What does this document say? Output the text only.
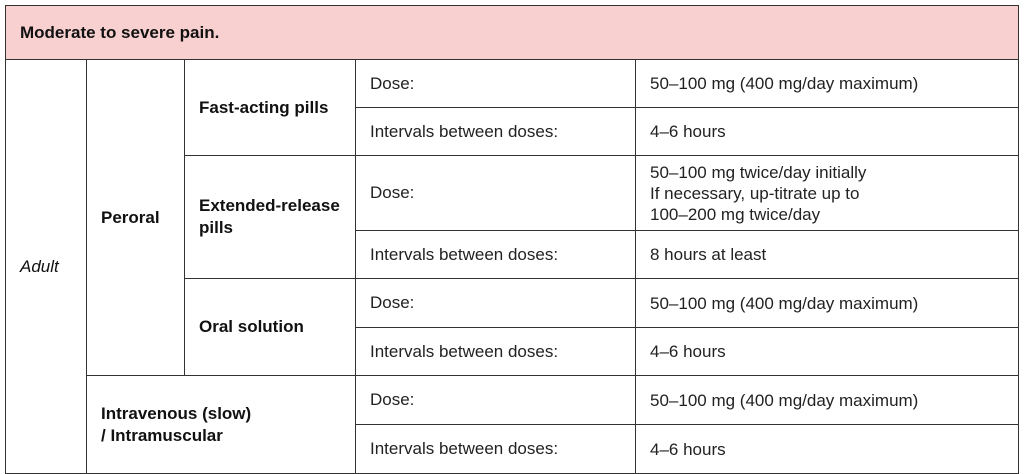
Moderate to severe pain.				
Adult	Peroral	Fast-acting pills	Dose:	50–100 mg (400 mg/day maximum)
			Intervals between doses:	4–6 hours
		Extended-release pills	Dose:	50–100 mg twice/day initially
If necessary, up-titrate up to
100–200 mg twice/day

			Intervals between doses:	8 hours at least
		Oral solution	Dose:	50–100 mg (400 mg/day maximum)
			Intervals between doses:	4–6 hours

	Intravenous (slow)
/ Intramuscular		Dose:	50–100 mg (400 mg/day maximum)
			Intervals between doses:	4–6 hours
